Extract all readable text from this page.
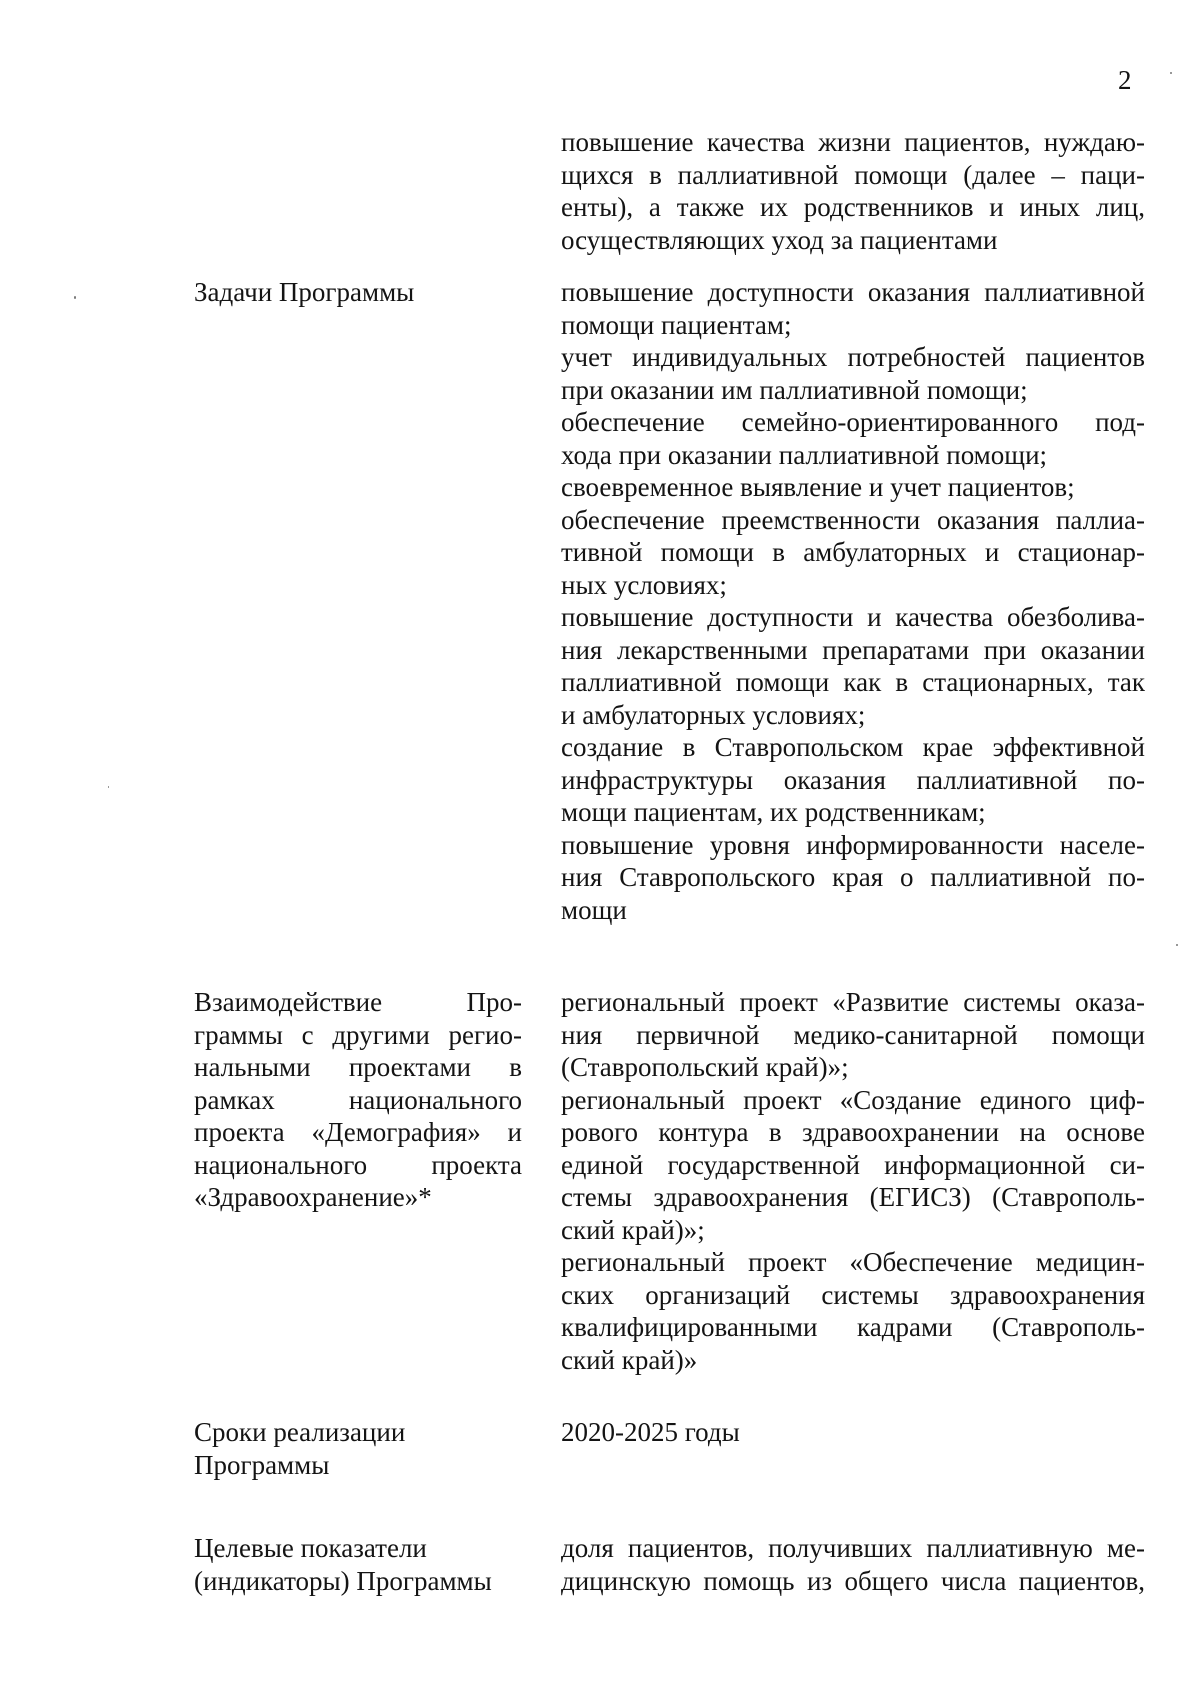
2
повышение качества жизни пациентов, нуждаю-
щихся в паллиативной помощи (далее – паци-
енты), а также их родственников и иных лиц,
осуществляющих уход за пациентами
Задачи Программы	повышение доступности оказания паллиативной
помощи пациентам;
учет индивидуальных потребностей пациентов
при оказании им паллиативной помощи;
обеспечение семейно-ориентированного под-
хода при оказании паллиативной помощи;
своевременное выявление и учет пациентов;
обеспечение преемственности оказания паллиа-
тивной помощи в амбулаторных и стационар-
ных условиях;
повышение доступности и качества обезболива-
ния лекарственными препаратами при оказании
паллиативной помощи как в стационарных, так
и амбулаторных условиях;
создание в Ставропольском крае эффективной
инфраструктуры оказания паллиативной по-
мощи пациентам, их родственникам;
повышение уровня информированности населе-
ния Ставропольского края о паллиативной по-
мощи
Взаимодействие Про-
граммы с другими регио-
нальными проектами в
рамках национального
проекта «Демография» и
национального проекта
«Здравоохранение»*
региональный проект «Развитие системы оказа-
ния первичной медико-санитарной помощи
(Ставропольский край)»;
региональный проект «Создание единого циф-
рового контура в здравоохранении на основе
единой государственной информационной си-
стемы здравоохранения (ЕГИСЗ) (Ставрополь-
ский край)»;
региональный проект «Обеспечение медицин-
ских организаций системы здравоохранения
квалифицированными кадрами (Ставрополь-
ский край)»
Сроки реализации
Программы
2020-2025 годы
Целевые показатели
(индикаторы) Программы
доля пациентов, получивших паллиативную ме-
дицинскую помощь из общего числа пациентов,
